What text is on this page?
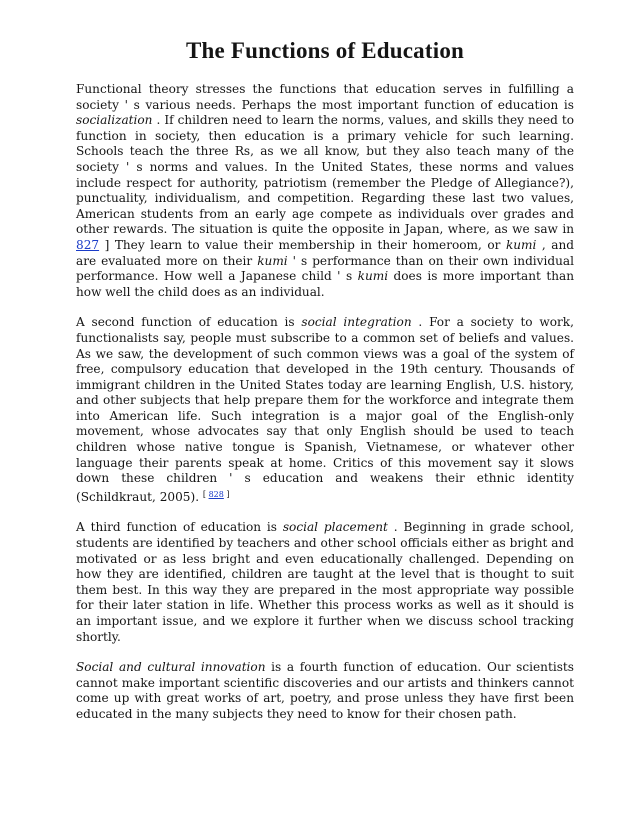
The Functions of Education

Functional theory stresses the functions that education serves in fulfilling a society ' s various needs. Perhaps the most important function of education is socialization . If children need to learn the norms, values, and skills they need to function in society, then education is a primary vehicle for such learning. Schools teach the three Rs, as we all know, but they also teach many of the society ' s norms and values. In the United States, these norms and values include respect for authority, patriotism (remember the Pledge of Allegiance?), punctuality, individualism, and competition. Regarding these last two values, American students from an early age compete as individuals over grades and other rewards. The situation is quite the opposite in Japan, where, as we saw in 827 ] They learn to value their membership in their homeroom, or kumi , and are evaluated more on their kumi ' s performance than on their own individual performance. How well a Japanese child ' s kumi does is more important than how well the child does as an individual.

A second function of education is social integration . For a society to work, functionalists say, people must subscribe to a common set of beliefs and values. As we saw, the development of such common views was a goal of the system of free, compulsory education that developed in the 19th century. Thousands of immigrant children in the United States today are learning English, U.S. history, and other subjects that help prepare them for the workforce and integrate them into American life. Such integration is a major goal of the English-only movement, whose advocates say that only English should be used to teach children whose native tongue is Spanish, Vietnamese, or whatever other language their parents speak at home. Critics of this movement say it slows down these children ' s education and weakens their ethnic identity (Schildkraut, 2005). [ 828 ]

A third function of education is social placement . Beginning in grade school, students are identified by teachers and other school officials either as bright and motivated or as less bright and even educationally challenged. Depending on how they are identified, children are taught at the level that is thought to suit them best. In this way they are prepared in the most appropriate way possible for their later station in life. Whether this process works as well as it should is an important issue, and we explore it further when we discuss school tracking shortly.

Social and cultural innovation is a fourth function of education. Our scientists cannot make important scientific discoveries and our artists and thinkers cannot come up with great works of art, poetry, and prose unless they have first been educated in the many subjects they need to know for their chosen path.
